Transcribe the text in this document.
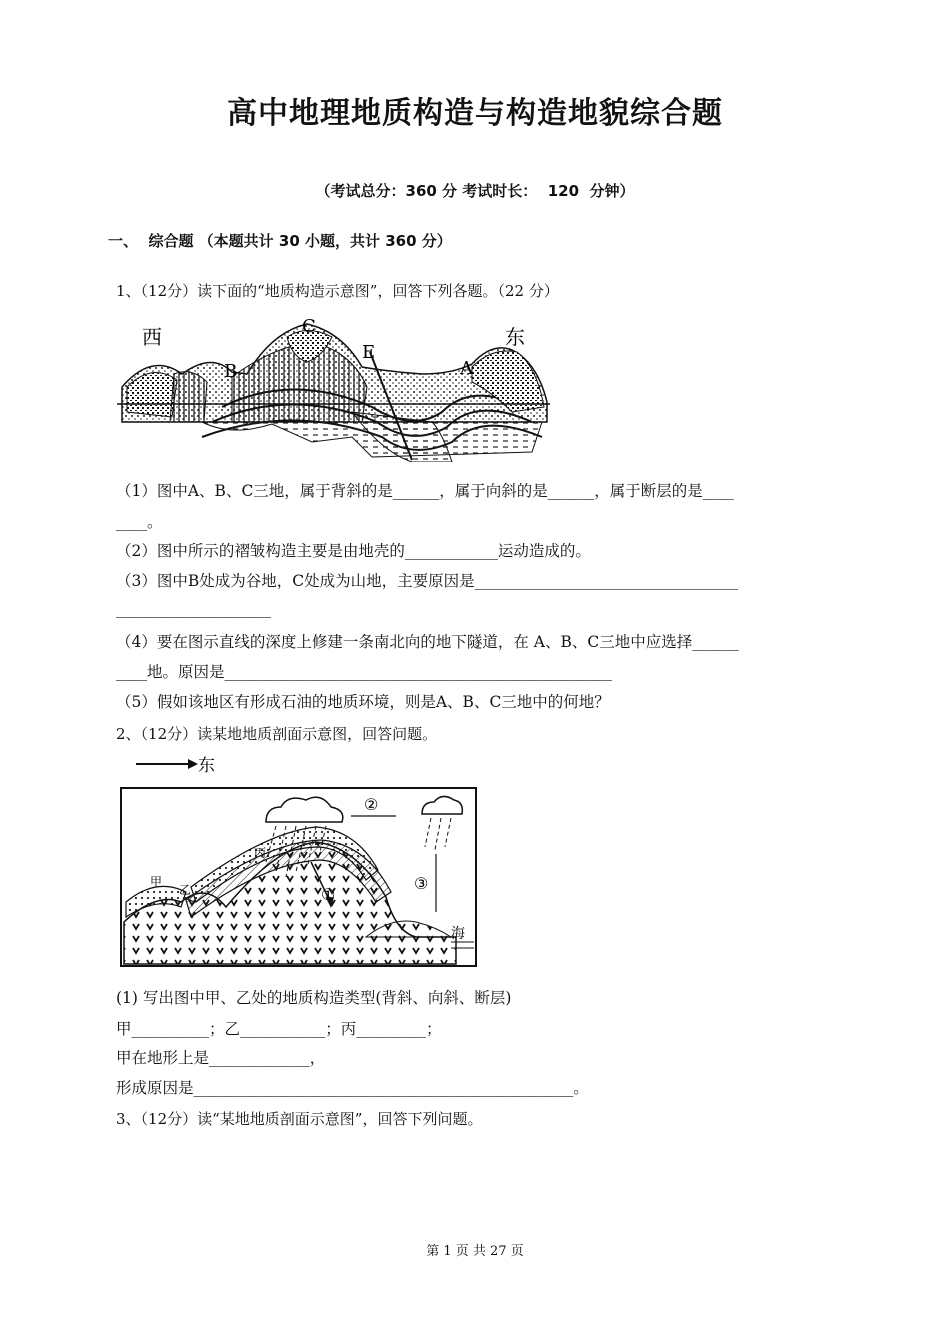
高中地理地质构造与构造地貌综合题
（考试总分：360 分 考试时长：  120  分钟）
一、  综合题 （本题共计 30 小题，共计 360 分）
1、（12分）读下面的“地质构造示意图”，回答下列各题。（22 分）
西	东
C
B
E
A
（1）图中A、B、C三地，属于背斜的是______，属于向斜的是______，属于断层的是____
____。
（2）图中所示的褶皱构造主要是由地壳的____________运动造成的。
（3）图中B处成为谷地，C处成为山地，主要原因是__________________________________
____________________
（4）要在图示直线的深度上修建一条南北向的地下隧道，在 A、B、C三地中应选择______
____地。原因是__________________________________________________
（5）假如该地区有形成石油的地质环境，则是A、B、C三地中的何地？
2、（12分）读某地地质剖面示意图，回答问题。
东
海
①
②
③
甲
乙
丙
(1) 写出图中甲、乙处的地质构造类型(背斜、向斜、断层)
甲__________；乙___________；丙_________；
甲在地形上是_____________，
形成原因是_________________________________________________。
3、（12分）读“某地地质剖面示意图”，回答下列问题。
第 1 页 共 27 页
